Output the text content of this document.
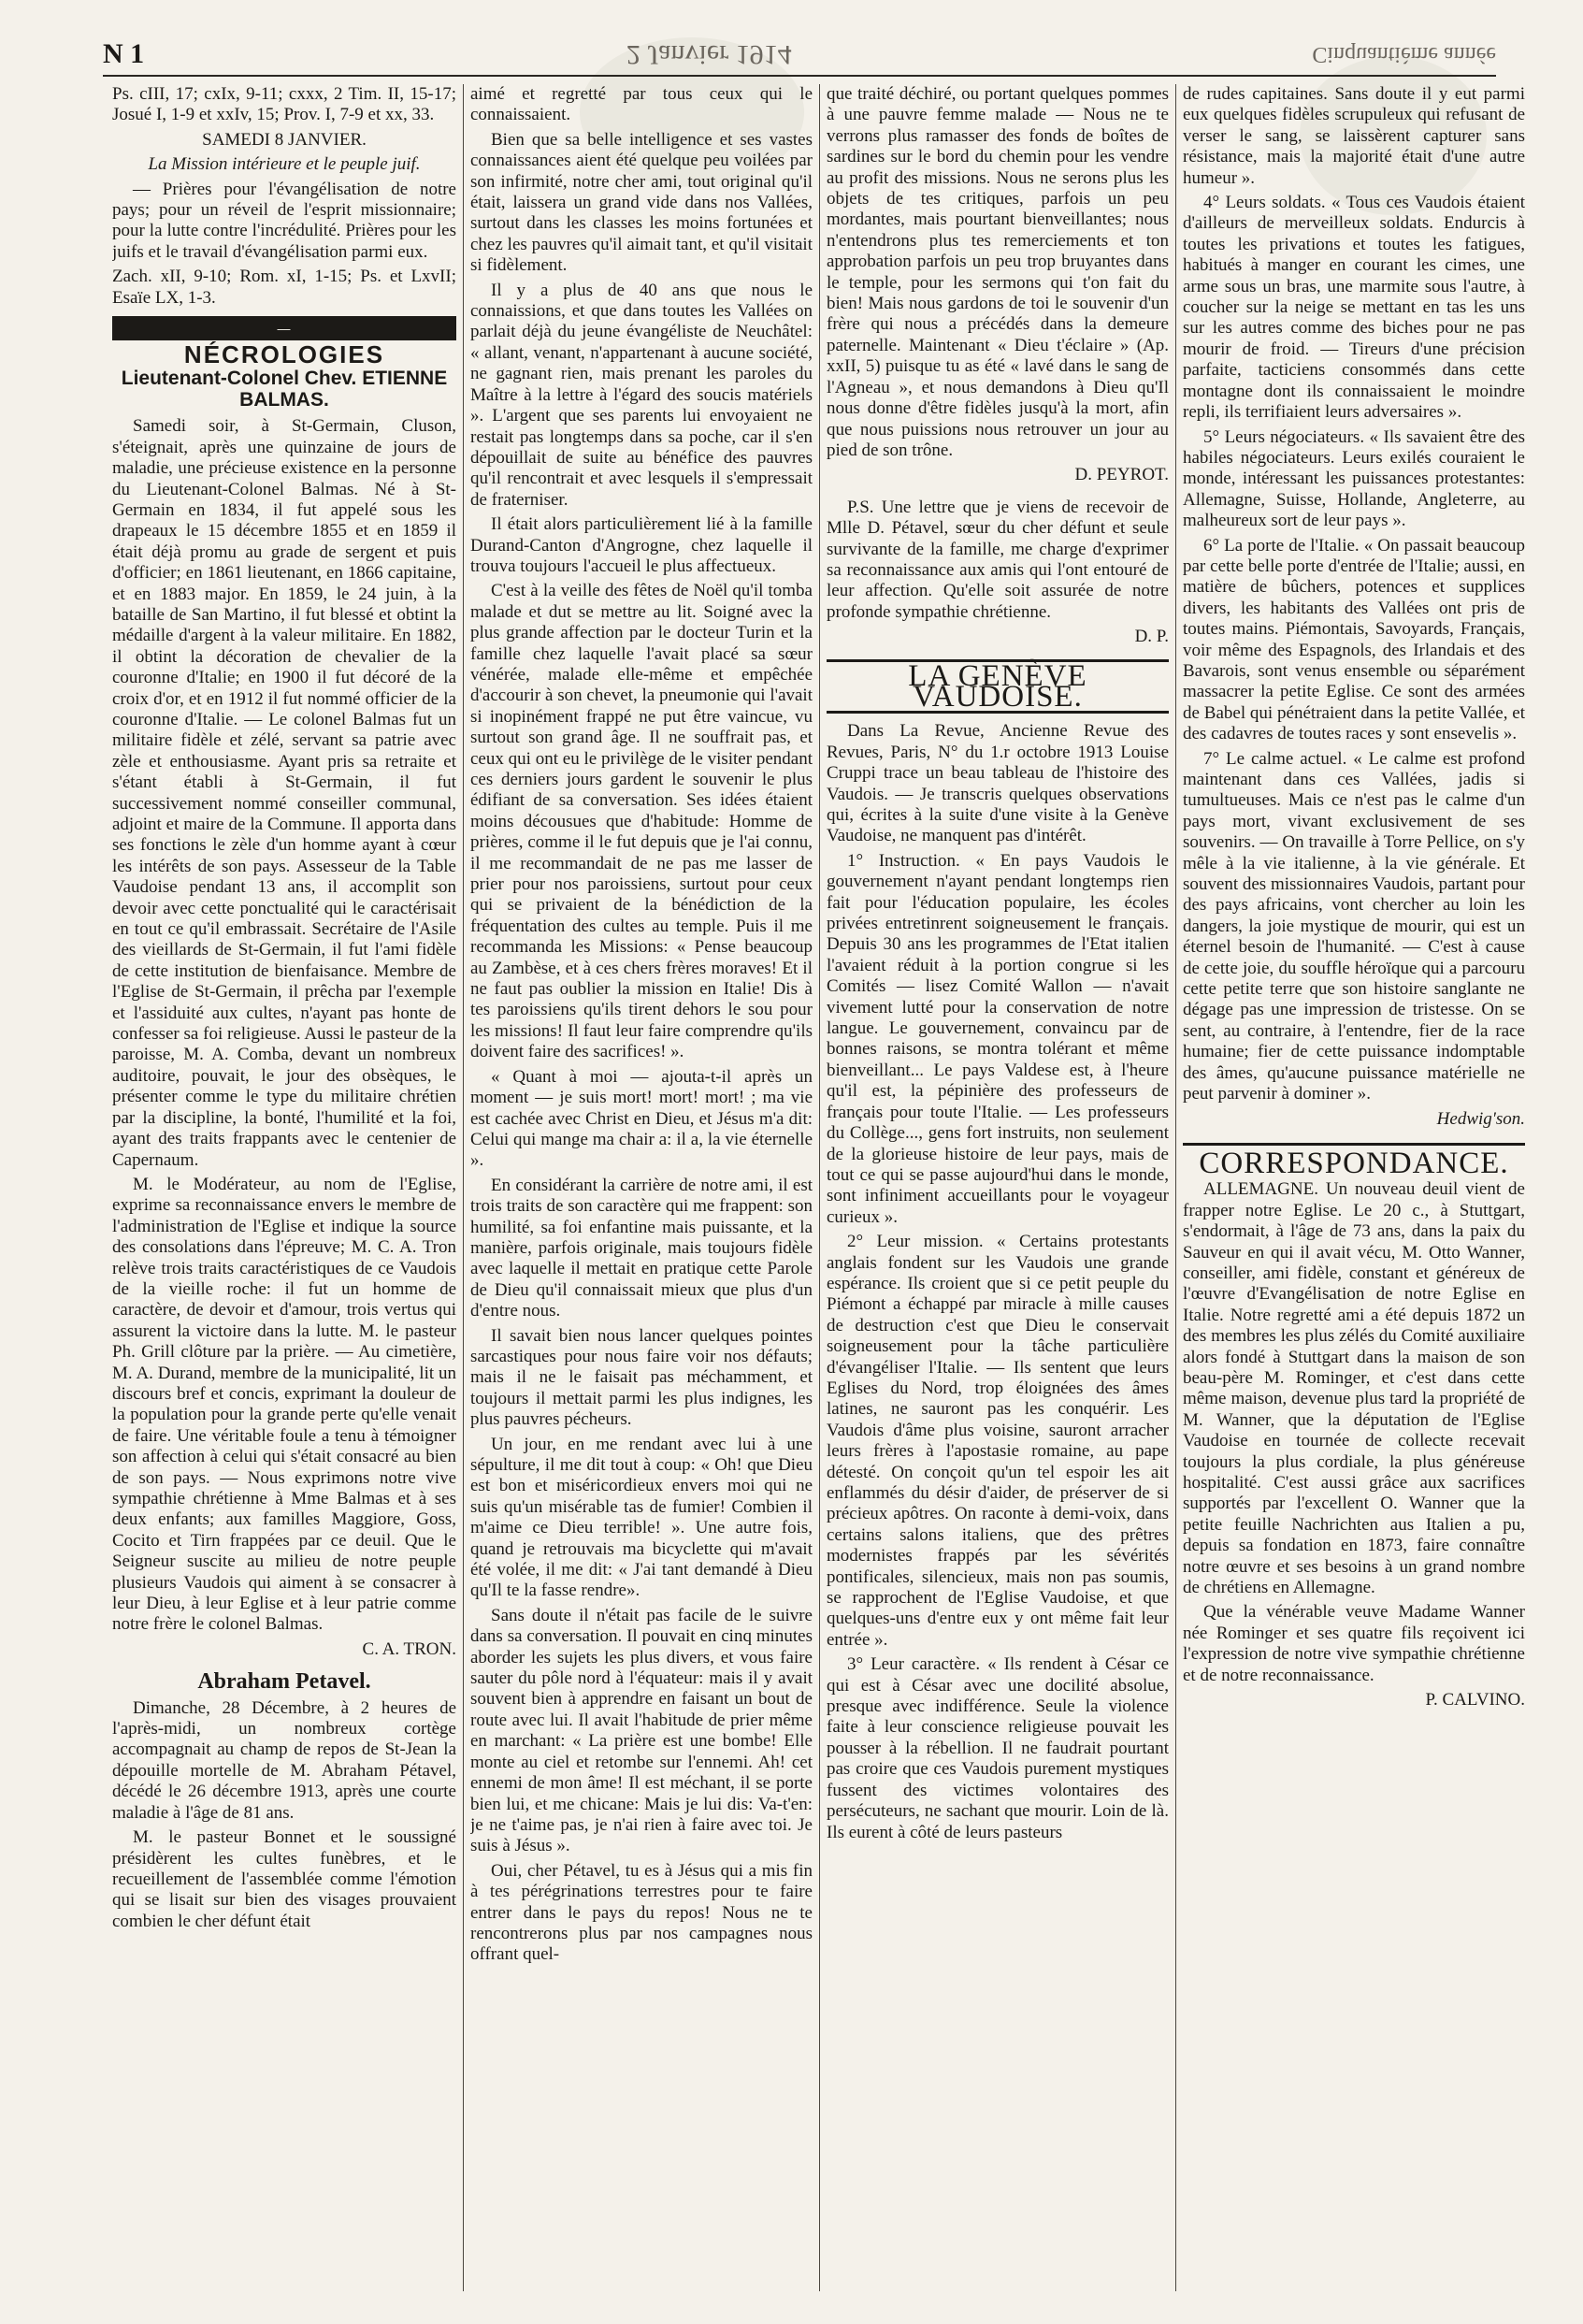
N 1	2 Janvier 1914	Cinquantième année

Ps. cIII, 17; cxIx, 9-11; cxxx, 2 Tim. II, 15-17; Josué I, 1-9 et xxIv, 15; Prov. I, 7-9 et xx, 33.

SAMEDI 8 JANVIER.

La Mission intérieure et le peuple juif.

— Prières pour l'évangélisation de notre pays; pour un réveil de l'esprit missionnaire; pour la lutte contre l'incrédulité. Prières pour les juifs et le travail d'évangélisation parmi eux.

Zach. xII, 9-10; Rom. xI, 1-15; Ps. et LxvII; Esaïe LX, 1-3.

—
NÉCROLOGIES
Lieutenant-Colonel Chev. ETIENNE BALMAS.

Samedi soir, à St-Germain, Cluson, s'éteignait, après une quinzaine de jours de maladie, une précieuse existence en la personne du Lieutenant-Colonel Balmas. Né à St-Germain en 1834, il fut appelé sous les drapeaux le 15 décembre 1855 et en 1859 il était déjà promu au grade de sergent et puis d'officier; en 1861 lieutenant, en 1866 capitaine, et en 1883 major. En 1859, le 24 juin, à la bataille de San Martino, il fut blessé et obtint la médaille d'argent à la valeur militaire. En 1882, il obtint la décoration de chevalier de la couronne d'Italie; en 1900 il fut décoré de la croix d'or, et en 1912 il fut nommé officier de la couronne d'Italie. — Le colonel Balmas fut un militaire fidèle et zélé, servant sa patrie avec zèle et enthousiasme. Ayant pris sa retraite et s'étant établi à St-Germain, il fut successivement nommé conseiller communal, adjoint et maire de la Commune. Il apporta dans ses fonctions le zèle d'un homme ayant à cœur les intérêts de son pays. Assesseur de la Table Vaudoise pendant 13 ans, il accomplit son devoir avec cette ponctualité qui le caractérisait en tout ce qu'il embrassait. Secrétaire de l'Asile des vieillards de St-Germain, il fut l'ami fidèle de cette institution de bienfaisance. Membre de l'Eglise de St-Germain, il prêcha par l'exemple et l'assiduité aux cultes, n'ayant pas honte de confesser sa foi religieuse. Aussi le pasteur de la paroisse, M. A. Comba, devant un nombreux auditoire, pouvait, le jour des obsèques, le présenter comme le type du militaire chrétien par la discipline, la bonté, l'humilité et la foi, ayant des traits frappants avec le centenier de Capernaum.

M. le Modérateur, au nom de l'Eglise, exprime sa reconnaissance envers le membre de l'administration de l'Eglise et indique la source des consolations dans l'épreuve; M. C. A. Tron relève trois traits caractéristiques de ce Vaudois de la vieille roche: il fut un homme de caractère, de devoir et d'amour, trois vertus qui assurent la victoire dans la lutte. M. le pasteur Ph. Grill clôture par la prière. — Au cimetière, M. A. Durand, membre de la municipalité, lit un discours bref et concis, exprimant la douleur de la population pour la grande perte qu'elle venait de faire. Une véritable foule a tenu à témoigner son affection à celui qui s'était consacré au bien de son pays. — Nous exprimons notre vive sympathie chrétienne à Mme Balmas et à ses deux enfants; aux familles Maggiore, Goss, Cocito et Tirn frappées par ce deuil. Que le Seigneur suscite au milieu de notre peuple plusieurs Vaudois qui aiment à se consacrer à leur Dieu, à leur Eglise et à leur patrie comme notre frère le colonel Balmas.

C. A. TRON.

Abraham Petavel.

Dimanche, 28 Décembre, à 2 heures de l'après-midi, un nombreux cortège accompagnait au champ de repos de St-Jean la dépouille mortelle de M. Abraham Pétavel, décédé le 26 décembre 1913, après une courte maladie à l'âge de 81 ans.

M. le pasteur Bonnet et le soussigné présidèrent les cultes funèbres, et le recueillement de l'assemblée comme l'émotion qui se lisait sur bien des visages prouvaient combien le cher défunt était

aimé et regretté par tous ceux qui le connaissaient.

Bien que sa belle intelligence et ses vastes connaissances aient été quelque peu voilées par son infirmité, notre cher ami, tout original qu'il était, laissera un grand vide dans nos Vallées, surtout dans les classes les moins fortunées et chez les pauvres qu'il aimait tant, et qu'il visitait si fidèlement.

Il y a plus de 40 ans que nous le connaissions, et que dans toutes les Vallées on parlait déjà du jeune évangéliste de Neuchâtel: « allant, venant, n'appartenant à aucune société, ne gagnant rien, mais prenant les paroles du Maître à la lettre à l'égard des soucis matériels ». L'argent que ses parents lui envoyaient ne restait pas longtemps dans sa poche, car il s'en dépouillait de suite au bénéfice des pauvres qu'il rencontrait et avec lesquels il s'empressait de fraterniser.

Il était alors particulièrement lié à la famille Durand-Canton d'Angrogne, chez laquelle il trouva toujours l'accueil le plus affectueux.

C'est à la veille des fêtes de Noël qu'il tomba malade et dut se mettre au lit. Soigné avec la plus grande affection par le docteur Turin et la famille chez laquelle l'avait placé sa sœur vénérée, malade elle-même et empêchée d'accourir à son chevet, la pneumonie qui l'avait si inopinément frappé ne put être vaincue, vu surtout son grand âge. Il ne souffrait pas, et ceux qui ont eu le privilège de le visiter pendant ces derniers jours gardent le souvenir le plus édifiant de sa conversation. Ses idées étaient moins décousues que d'habitude: Homme de prières, comme il le fut depuis que je l'ai connu, il me recommandait de ne pas me lasser de prier pour nos paroissiens, surtout pour ceux qui se privaient de la bénédiction de la fréquentation des cultes au temple. Puis il me recommanda les Missions: « Pense beaucoup au Zambèse, et à ces chers frères moraves! Et il ne faut pas oublier la mission en Italie! Dis à tes paroissiens qu'ils tirent dehors le sou pour les missions! Il faut leur faire comprendre qu'ils doivent faire des sacrifices! ».

« Quant à moi — ajouta-t-il après un moment — je suis mort! mort! mort! ; ma vie est cachée avec Christ en Dieu, et Jésus m'a dit: Celui qui mange ma chair a: il a, la vie éternelle ».

En considérant la carrière de notre ami, il est trois traits de son caractère qui me frappent: son humilité, sa foi enfantine mais puissante, et la manière, parfois originale, mais toujours fidèle avec laquelle il mettait en pratique cette Parole de Dieu qu'il connaissait mieux que plus d'un d'entre nous.

Il savait bien nous lancer quelques pointes sarcastiques pour nous faire voir nos défauts; mais il ne le faisait pas méchamment, et toujours il mettait parmi les plus indignes, les plus pauvres pécheurs.

Un jour, en me rendant avec lui à une sépulture, il me dit tout à coup: « Oh! que Dieu est bon et miséricordieux envers moi qui ne suis qu'un misérable tas de fumier! Combien il m'aime ce Dieu terrible! ». Une autre fois, quand je retrouvais ma bicyclette qui m'avait été volée, il me dit: « J'ai tant demandé à Dieu qu'Il te la fasse rendre».

Sans doute il n'était pas facile de le suivre dans sa conversation. Il pouvait en cinq minutes aborder les sujets les plus divers, et vous faire sauter du pôle nord à l'équateur: mais il y avait souvent bien à apprendre en faisant un bout de route avec lui. Il avait l'habitude de prier même en marchant: « La prière est une bombe! Elle monte au ciel et retombe sur l'ennemi. Ah! cet ennemi de mon âme! Il est méchant, il se porte bien lui, et me chicane: Mais je lui dis: Va-t'en: je ne t'aime pas, je n'ai rien à faire avec toi. Je suis à Jésus ».

Oui, cher Pétavel, tu es à Jésus qui a mis fin à tes pérégrinations terrestres pour te faire entrer dans le pays du repos! Nous ne te rencontrerons plus par nos campagnes nous offrant quel-

que traité déchiré, ou portant quelques pommes à une pauvre femme malade — Nous ne te verrons plus ramasser des fonds de boîtes de sardines sur le bord du chemin pour les vendre au profit des missions. Nous ne serons plus les objets de tes critiques, parfois un peu mordantes, mais pourtant bienveillantes; nous n'entendrons plus tes remerciements et ton approbation parfois un peu trop bruyantes dans le temple, pour les sermons qui t'on fait du bien! Mais nous gardons de toi le souvenir d'un frère qui nous a précédés dans la demeure paternelle. Maintenant « Dieu t'éclaire » (Ap. xxII, 5) puisque tu as été « lavé dans le sang de l'Agneau », et nous demandons à Dieu qu'Il nous donne d'être fidèles jusqu'à la mort, afin que nous puissions nous retrouver un jour au pied de son trône.

D. PEYROT.

P.S. Une lettre que je viens de recevoir de Mlle D. Pétavel, sœur du cher défunt et seule survivante de la famille, me charge d'exprimer sa reconnaissance aux amis qui l'ont entouré de leur affection. Qu'elle soit assurée de notre profonde sympathie chrétienne.

D. P.

LA GENÈVE VAUDOISE.

Dans La Revue, Ancienne Revue des Revues, Paris, N° du 1.r octobre 1913 Louise Cruppi trace un beau tableau de l'histoire des Vaudois. — Je transcris quelques observations qui, écrites à la suite d'une visite à la Genève Vaudoise, ne manquent pas d'intérêt.

1° Instruction. « En pays Vaudois le gouvernement n'ayant pendant longtemps rien fait pour l'éducation populaire, les écoles privées entretinrent soigneusement le français. Depuis 30 ans les programmes de l'Etat italien l'avaient réduit à la portion congrue si les Comités — lisez Comité Wallon — n'avait vivement lutté pour la conservation de notre langue. Le gouvernement, convaincu par de bonnes raisons, se montra tolérant et même bienveillant... Le pays Valdese est, à l'heure qu'il est, la pépinière des professeurs de français pour toute l'Italie. — Les professeurs du Collège..., gens fort instruits, non seulement de la glorieuse histoire de leur pays, mais de tout ce qui se passe aujourd'hui dans le monde, sont infiniment accueillants pour le voyageur curieux ».

2° Leur mission. « Certains protestants anglais fondent sur les Vaudois une grande espérance. Ils croient que si ce petit peuple du Piémont a échappé par miracle à mille causes de destruction c'est que Dieu le conservait soigneusement pour la tâche particulière d'évangéliser l'Italie. — Ils sentent que leurs Eglises du Nord, trop éloignées des âmes latines, ne sauront pas les conquérir. Les Vaudois d'âme plus voisine, sauront arracher leurs frères à l'apostasie romaine, au pape détesté. On conçoit qu'un tel espoir les ait enflammés du désir d'aider, de préserver de si précieux apôtres. On raconte à demi-voix, dans certains salons italiens, que des prêtres modernistes frappés par les sévérités pontificales, silencieux, mais non pas soumis, se rapprochent de l'Eglise Vaudoise, et que quelques-uns d'entre eux y ont même fait leur entrée ».

3° Leur caractère. « Ils rendent à César ce qui est à César avec une docilité absolue, presque avec indifférence. Seule la violence faite à leur conscience religieuse pouvait les pousser à la rébellion. Il ne faudrait pourtant pas croire que ces Vaudois purement mystiques fussent des victimes volontaires des persécuteurs, ne sachant que mourir. Loin de là. Ils eurent à côté de leurs pasteurs

de rudes capitaines. Sans doute il y eut parmi eux quelques fidèles scrupuleux qui refusant de verser le sang, se laissèrent capturer sans résistance, mais la majorité était d'une autre humeur ».

4° Leurs soldats. « Tous ces Vaudois étaient d'ailleurs de merveilleux soldats. Endurcis à toutes les privations et toutes les fatigues, habitués à manger en courant les cimes, une arme sous un bras, une marmite sous l'autre, à coucher sur la neige se mettant en tas les uns sur les autres comme des biches pour ne pas mourir de froid. — Tireurs d'une précision parfaite, tacticiens consommés dans cette montagne dont ils connaissaient le moindre repli, ils terrifiaient leurs adversaires ».

5° Leurs négociateurs. « Ils savaient être des habiles négociateurs. Leurs exilés couraient le monde, intéressant les puissances protestantes: Allemagne, Suisse, Hollande, Angleterre, au malheureux sort de leur pays ».

6° La porte de l'Italie. « On passait beaucoup par cette belle porte d'entrée de l'Italie; aussi, en matière de bûchers, potences et supplices divers, les habitants des Vallées ont pris de toutes mains. Piémontais, Savoyards, Français, voir même des Espagnols, des Irlandais et des Bavarois, sont venus ensemble ou séparément massacrer la petite Eglise. Ce sont des armées de Babel qui pénétraient dans la petite Vallée, et des cadavres de toutes races y sont ensevelis ».

7° Le calme actuel. « Le calme est profond maintenant dans ces Vallées, jadis si tumultueuses. Mais ce n'est pas le calme d'un pays mort, vivant exclusivement de ses souvenirs. — On travaille à Torre Pellice, on s'y mêle à la vie italienne, à la vie générale. Et souvent des missionnaires Vaudois, partant pour des pays africains, vont chercher au loin les dangers, la joie mystique de mourir, qui est un éternel besoin de l'humanité. — C'est à cause de cette joie, du souffle héroïque qui a parcouru cette petite terre que son histoire sanglante ne dégage pas une impression de tristesse. On se sent, au contraire, à l'entendre, fier de la race humaine; fier de cette puissance indomptable des âmes, qu'aucune puissance matérielle ne peut parvenir à dominer ».

Hedwig'son.

CORRESPONDANCE.

ALLEMAGNE. Un nouveau deuil vient de frapper notre Eglise. Le 20 c., à Stuttgart, s'endormait, à l'âge de 73 ans, dans la paix du Sauveur en qui il avait vécu, M. Otto Wanner, conseiller, ami fidèle, constant et généreux de l'œuvre d'Evangélisation de notre Eglise en Italie. Notre regretté ami a été depuis 1872 un des membres les plus zélés du Comité auxiliaire alors fondé à Stuttgart dans la maison de son beau-père M. Rominger, et c'est dans cette même maison, devenue plus tard la propriété de M. Wanner, que la députation de l'Eglise Vaudoise en tournée de collecte recevait toujours la plus cordiale, la plus généreuse hospitalité. C'est aussi grâce aux sacrifices supportés par l'excellent O. Wanner que la petite feuille Nachrichten aus Italien a pu, depuis sa fondation en 1873, faire connaître notre œuvre et ses besoins à un grand nombre de chrétiens en Allemagne.

Que la vénérable veuve Madame Wanner née Rominger et ses quatre fils reçoivent ici l'expression de notre vive sympathie chrétienne et de notre reconnaissance.

P. CALVINO.
